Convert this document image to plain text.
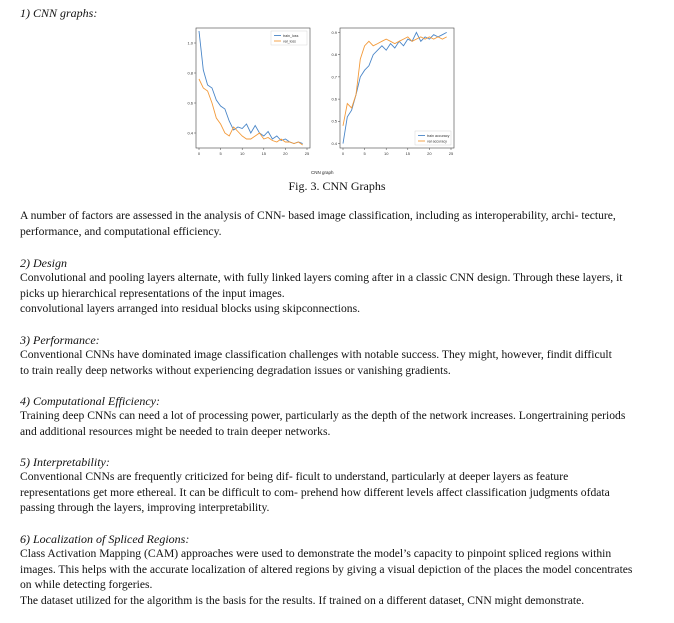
1) CNN graphs:
0	5	10	15	20	25
0.4
0.6
0.8
1.0
train_loss
val_loss
0	5	10	15	20	25
0.4
0.5
0.6
0.7
0.8
0.9
train accuracy
val accuracy
CNN graph
Fig. 3. CNN Graphs
A number of factors are assessed in the analysis of CNN- based image classification, including as interoperability, archi- tecture,
performance, and computational efficiency.
2) Design
Convolutional and pooling layers alternate, with fully linked layers coming after in a classic CNN design. Through these layers, it
picks up hierarchical representations of the input images.
convolutional layers arranged into residual blocks using skipconnections.
3) Performance:
Conventional CNNs have dominated image classification challenges with notable success. They might, however, findit difficult
to train really deep networks without experiencing degradation issues or vanishing gradients.
4) Computational Efficiency:
Training deep CNNs can need a lot of processing power, particularly as the depth of the network increases. Longertraining periods
and additional resources might be needed to train deeper networks.
5) Interpretability:
Conventional CNNs are frequently criticized for being dif- ficult to understand, particularly at deeper layers as feature
representations get more ethereal. It can be difficult to com- prehend how different levels affect classification judgments ofdata
passing through the layers, improving interpretability.
6) Localization of Spliced Regions:
Class Activation Mapping (CAM) approaches were used to demonstrate the model’s capacity to pinpoint spliced regions within
images. This helps with the accurate localization of altered regions by giving a visual depiction of the places the model concentrates
on while detecting forgeries.
The dataset utilized for the algorithm is the basis for the results. If trained on a different dataset, CNN might demonstrate.
